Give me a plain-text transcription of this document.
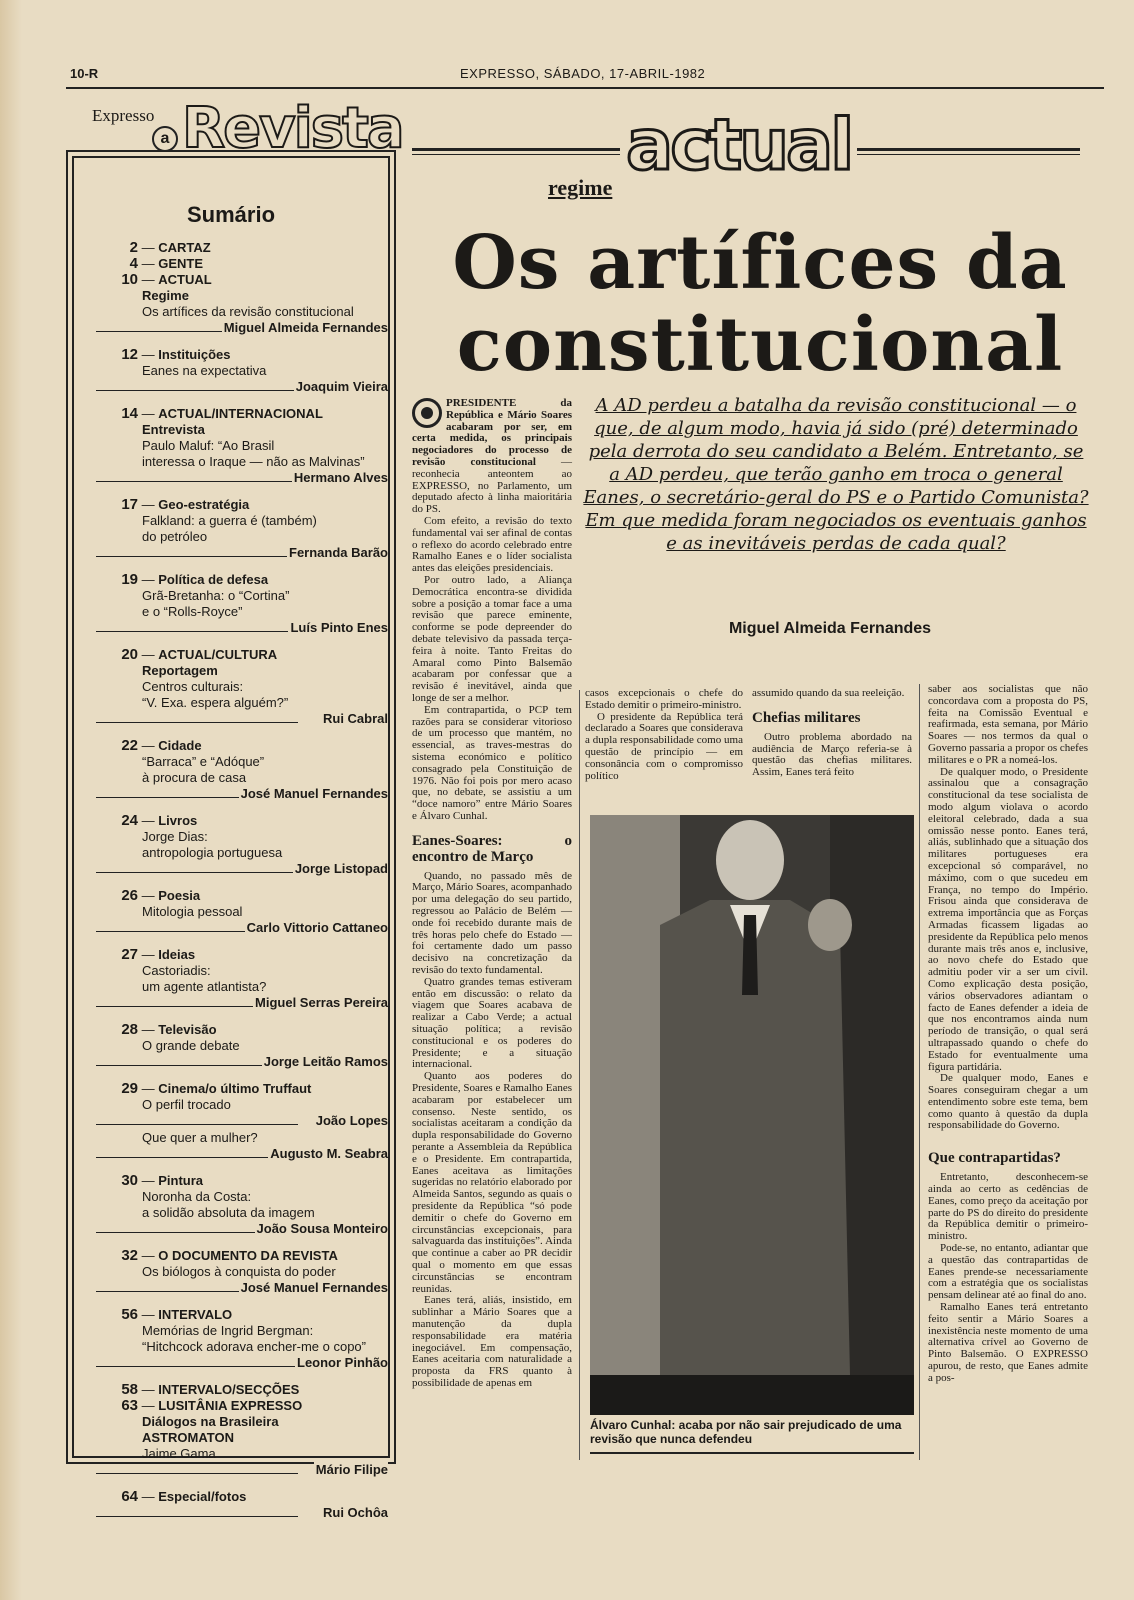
10-R	EXPRESSO, SÁBADO, 17-ABRIL-1982
Expresso
a Revista
Sumário
2 — CARTAZ
4 — GENTE
10 — ACTUAL
Regime
Os artífices da revisão constitucional
Miguel Almeida Fernandes
12 — Instituições
Eanes na expectativa
Joaquim Vieira
14 — ACTUAL/INTERNACIONAL
Entrevista
Paulo Maluf: “Ao Brasil
interessa o Iraque — não as Malvinas”
Hermano Alves
17 — Geo-estratégia
Falkland: a guerra é (também)
do petróleo
Fernanda Barão
19 — Política de defesa
Grã-Bretanha: o “Cortina”
e o “Rolls-Royce”
Luís Pinto Enes
20 — ACTUAL/CULTURA
Reportagem
Centros culturais:
“V. Exa. espera alguém?”
Rui Cabral
22 — Cidade
“Barraca” e “Adóque”
à procura de casa
José Manuel Fernandes
24 — Livros
Jorge Dias:
antropologia portuguesa
Jorge Listopad
26 — Poesia
Mitologia pessoal
Carlo Vittorio Cattaneo
27 — Ideias
Castoriadis:
um agente atlantista?
Miguel Serras Pereira
28 — Televisão
O grande debate
Jorge Leitão Ramos
29 — Cinema/o último Truffaut
O perfil trocado
João Lopes
Que quer a mulher?
Augusto M. Seabra
30 — Pintura
Noronha da Costa:
a solidão absoluta da imagem
João Sousa Monteiro
32 — O DOCUMENTO DA REVISTA
Os biólogos à conquista do poder
José Manuel Fernandes
56 — INTERVALO
Memórias de Ingrid Bergman:
“Hitchcock adorava encher-me o copo”
Leonor Pinhão
58 — INTERVALO/SECÇÕES
63 — LUSITÂNIA EXPRESSO
Diálogos na Brasileira
ASTROMATON
Jaime Gama
Mário Filipe
64 — Especial/fotos
Rui Ochôa
actual
regime
Os artífices da
constitucional
A AD perdeu a batalha da revisão constitucional — o que, de algum modo, havia já sido (pré) determinado pela derrota do seu candidato a Belém. Entretanto, se a AD perdeu, que terão ganho em troca o general Eanes, o secretário-geral do PS e o Partido Comunista? Em que medida foram negociados os eventuais ganhos e as inevitáveis perdas de cada qual?
Miguel Almeida Fernandes

PRESIDENTE da República e Mário Soares acabaram por ser, em certa medida, os principais negociadores do processo de revisão constitucional — reconhecia anteontem ao EXPRESSO, no Parlamento, um deputado afecto à linha maioritária do PS.

Com efeito, a revisão do texto fundamental vai ser afinal de contas o reflexo do acordo celebrado entre Ramalho Eanes e o líder socialista antes das eleições presidenciais.

Por outro lado, a Aliança Democrática encontra-se dividida sobre a posição a tomar face a uma revisão que parece eminente, conforme se pode depreender do debate televisivo da passada terça-feira à noite. Tanto Freitas do Amaral como Pinto Balsemão acabaram por confessar que a revisão é inevitável, ainda que longe de ser a melhor.

Em contrapartida, o PCP tem razões para se considerar vitorioso de um processo que mantém, no essencial, as traves-mestras do sistema económico e político consagrado pela Constituição de 1976. Não foi pois por mero acaso que, no debate, se assistiu a um “doce namoro” entre Mário Soares e Álvaro Cunhal.

Eanes-Soares: o encontro de Março

Quando, no passado mês de Março, Mário Soares, acompanhado por uma delegação do seu partido, regressou ao Palácio de Belém — onde foi recebido durante mais de três horas pelo chefe do Estado — foi certamente dado um passo decisivo na concretização da revisão do texto fundamental.

Quatro grandes temas estiveram então em discussão: o relato da viagem que Soares acabava de realizar a Cabo Verde; a actual situação política; a revisão constitucional e os poderes do Presidente; e a situação internacional.

Quanto aos poderes do Presidente, Soares e Ramalho Eanes acabaram por estabelecer um consenso. Neste sentido, os socialistas aceitaram a condição da dupla responsabilidade do Governo perante a Assembleia da República e o Presidente. Em contrapartida, Eanes aceitava as limitações sugeridas no relatório elaborado por Almeida Santos, segundo as quais o presidente da República “só pode demitir o chefe do Governo em circunstâncias excepcionais, para salvaguarda das instituições”. Ainda que continue a caber ao PR decidir qual o momento em que essas circunstâncias se encontram reunidas.

Eanes terá, aliás, insistido, em sublinhar a Mário Soares que a manutenção da dupla responsabilidade era matéria inegociável. Em compensação, Eanes aceitaria com naturalidade a proposta da FRS quanto à possibilidade de apenas em

casos excepcionais o chefe do Estado demitir o primeiro-ministro.

O presidente da República terá declarado a Soares que considerava a dupla responsabilidade como uma questão de princípio — em consonância com o compromisso político

assumido quando da sua reeleição.

Chefias militares

Outro problema abordado na audiência de Março referia-se à questão das chefias militares. Assim, Eanes terá feito

saber aos socialistas que não concordava com a proposta do PS, feita na Comissão Eventual e reafirmada, esta semana, por Mário Soares — nos termos da qual o Governo passaria a propor os chefes militares e o PR a nomeá-los.

De qualquer modo, o Presidente assinalou que a consagração constitucional da tese socialista de modo algum violava o acordo eleitoral celebrado, dada a sua omissão nesse ponto. Eanes terá, aliás, sublinhado que a situação dos militares portugueses era excepcional só comparável, no máximo, com o que sucedeu em França, no tempo do Império. Frisou ainda que considerava de extrema importância que as Forças Armadas ficassem ligadas ao presidente da República pelo menos durante mais três anos e, inclusive, ao novo chefe do Estado que admitiu poder vir a ser um civil. Como explicação desta posição, vários observadores adiantam o facto de Eanes defender a ideia de que nos encontramos ainda num período de transição, o qual será ultrapassado quando o chefe do Estado for eventualmente uma figura partidária.

De qualquer modo, Eanes e Soares conseguiram chegar a um entendimento sobre este tema, bem como quanto à questão da dupla responsabilidade do Governo.

Que contrapartidas?

Entretanto, desconhecem-se ainda ao certo as cedências de Eanes, como preço da aceitação por parte do PS do direito do presidente da República demitir o primeiro-ministro.

Pode-se, no entanto, adiantar que a questão das contrapartidas de Eanes prende-se necessariamente com a estratégia que os socialistas pensam delinear até ao final do ano.

Ramalho Eanes terá entretanto feito sentir a Mário Soares a inexistência neste momento de uma alternativa crível ao Governo de Pinto Balsemão. O EXPRESSO apurou, de resto, que Eanes admite a pos-

Álvaro Cunhal: acaba por não sair prejudicado de uma revisão que nunca defendeu
